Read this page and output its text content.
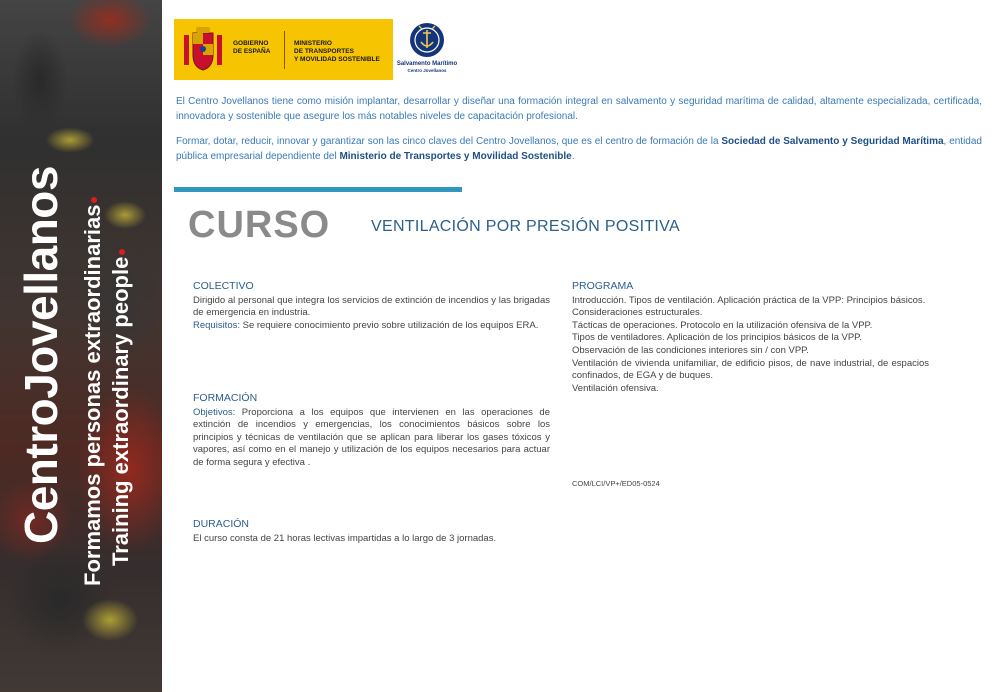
CentroJovellanos Formamos personas extraordinarias Training extraordinary people
GOBIERNO
DE ESPAÑA
MINISTERIO
DE TRANSPORTES
Y MOVILIDAD SOSTENIBLE
Salvamento Marítimo
Centro Jovellanos
El Centro Jovellanos tiene como misión implantar, desarrollar y diseñar una formación integral en salvamento y seguridad marítima de calidad, altamente especializada, certificada, innovadora y sostenible que asegure los más notables niveles de capacitación profesional.
Formar, dotar, reducir, innovar y garantizar son las cinco claves del Centro Jovellanos, que es el centro de formación de la Sociedad de Salvamento y Seguridad Marítima, entidad pública empresarial dependiente del Ministerio de Transportes y Movilidad Sostenible.
CURSO	VENTILACIÓN POR PRESIÓN POSITIVA
COLECTIVO

Dirigido al personal que integra los servicios de extinción de incendios y las brigadas de emergencia en industria.

Requisitos: Se requiere conocimiento previo sobre utilización de los equipos ERA.

FORMACIÓN

Objetivos: Proporciona a los equipos que intervienen en las operaciones de extinción de incendios y emergencias, los conocimientos básicos sobre los principios y técnicas de ventilación que se aplican para liberar los gases tóxicos y vapores, así como en el manejo y utilización de los equipos necesarios para actuar de forma segura y efectiva .

DURACIÓN

El curso consta de 21 horas lectivas impartidas a lo largo de 3 jornadas.

PROGRAMA

Introducción. Tipos de ventilación. Aplicación práctica de la VPP: Principios básicos.

Consideraciones estructurales.

Tácticas de operaciones. Protocolo en la utilización ofensiva de la VPP.

Tipos de ventiladores. Aplicación de los principios básicos de la VPP.

Observación de las condiciones interiores sin / con VPP.

Ventilación de vivienda unifamiliar, de edificio pisos, de nave industrial, de espacios confinados, de EGA y de buques.

Ventilación ofensiva.

COM/LCI/VP+/ED05-0524
